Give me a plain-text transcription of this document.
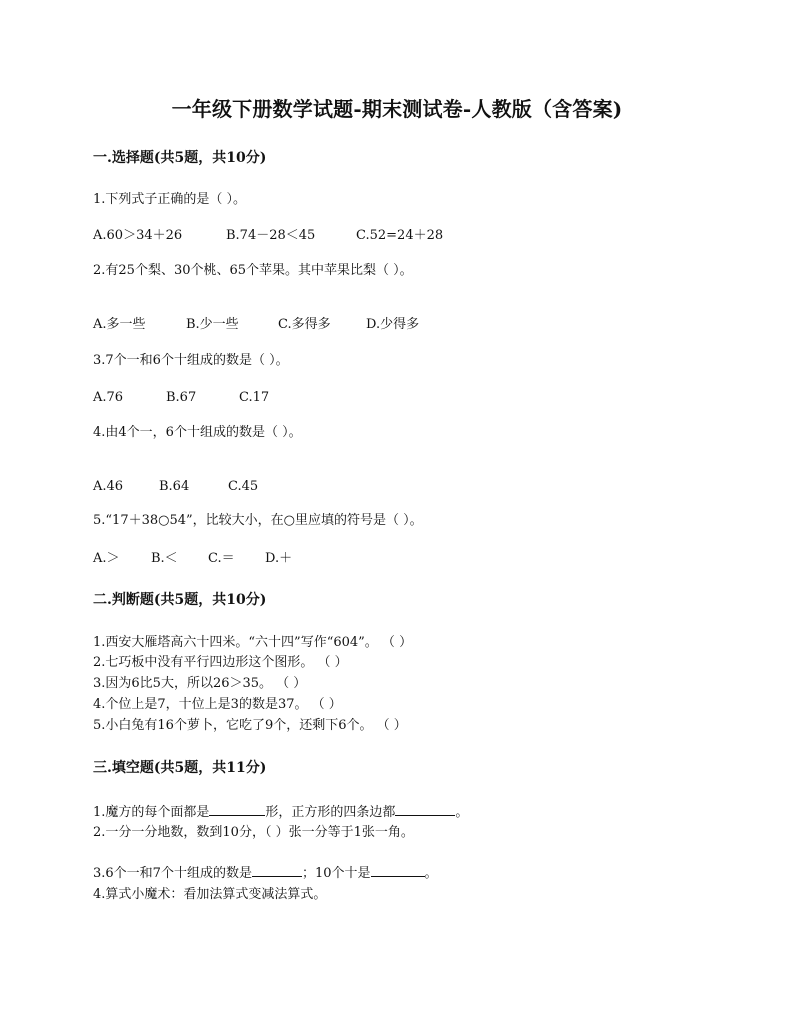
一年级下册数学试题-期末测试卷-人教版（含答案)
一.选择题(共5题，共10分)
1.下列式子正确的是（ ）。
A.60＞34＋26	B.74－28＜45	C.52=24＋28
2.有25个梨、30个桃、65个苹果。其中苹果比梨（ ）。
A.多一些	B.少一些	C.多得多	D.少得多
3.7个一和6个十组成的数是（ ）。
A.76	B.67	C.17
4.由4个一，6个十组成的数是（ ）。
A.46	B.64	C.45
5.“17＋38○54”，比较大小，在○里应填的符号是（ ）。
A.＞ B.＜ C.＝ D.＋
二.判断题(共5题，共10分)
1.西安大雁塔高六十四米。“六十四”写作“604”。 （ ）
2.七巧板中没有平行四边形这个图形。 （ ）
3.因为6比5大，所以26＞35。 （ ）
4.个位上是7，十位上是3的数是37。 （ ）
5.小白兔有16个萝卜，它吃了9个，还剩下6个。 （ ）
三.填空题(共5题，共11分)
1.魔方的每个面都是	形，正方形的四条边都	。
2.一分一分地数，数到10分，（ ）张一分等于1张一角。
3.6个一和7个十组成的数是	；10个十是	。
4.算式小魔术：看加法算式变减法算式。
